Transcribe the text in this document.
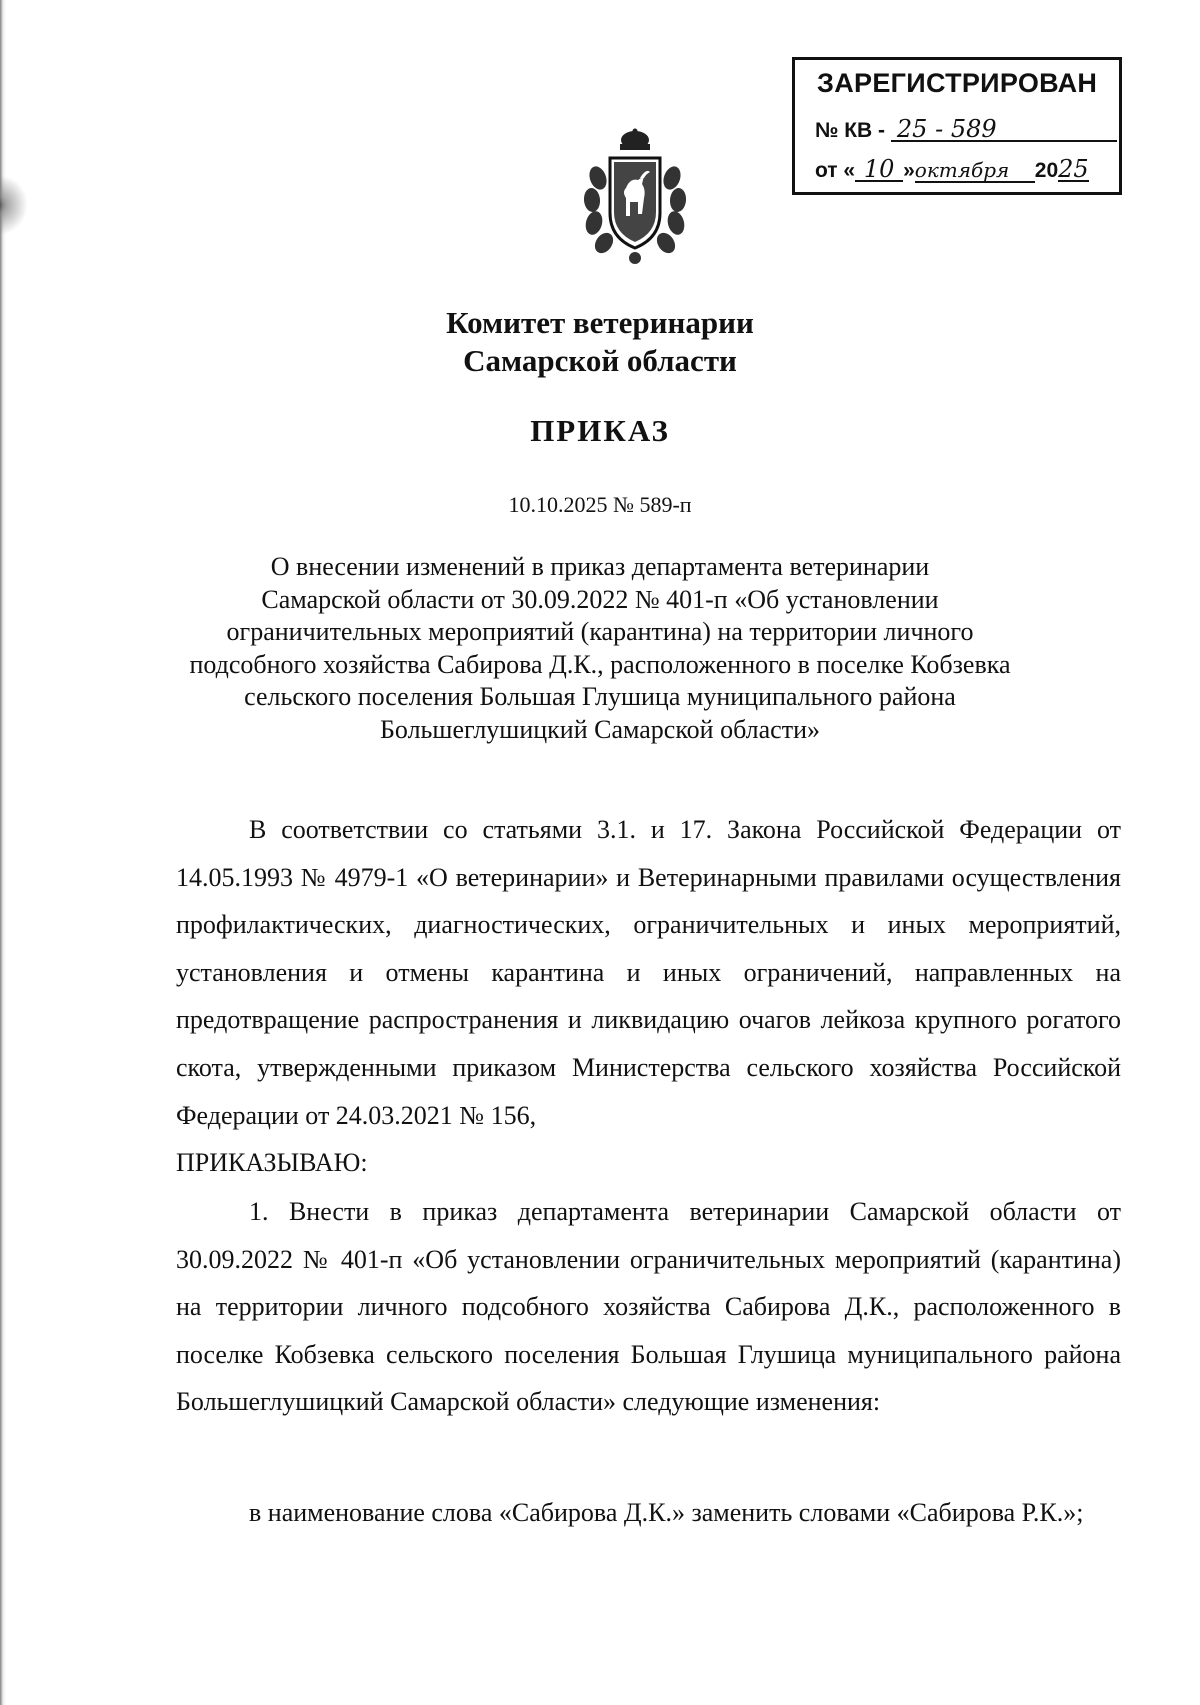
ЗАРЕГИСТРИРОВАН
№ КВ - 25 - 589
от « 10 »октября 2025
Комитет ветеринарии
Самарской области
ПРИКАЗ
10.10.2025 № 589-п
О внесении изменений в приказ департамента ветеринарии
Самарской области от 30.09.2022 № 401-п «Об установлении
ограничительных мероприятий (карантина) на территории личного
подсобного хозяйства Сабирова Д.К., расположенного в поселке Кобзевка
сельского поселения Большая Глушица муниципального района
Большеглушицкий Самарской области»

В соответствии со статьями 3.1. и 17. Закона Российской Федерации от 14.05.1993 № 4979-1 «О ветеринарии» и Ветеринарными правилами осуществления профилактических, диагностических, ограничительных и иных мероприятий, установления и отмены карантина и иных ограничений, направленных на предотвращение распространения и ликвидацию очагов лейкоза крупного рогатого скота, утвержденными приказом Министерства сельского хозяйства Российской Федерации от 24.03.2021 № 156,

ПРИКАЗЫВАЮ:

1. Внести в приказ департамента ветеринарии Самарской области от 30.09.2022 № 401-п «Об установлении ограничительных мероприятий (карантина) на территории личного подсобного хозяйства Сабирова Д.К., расположенного в поселке Кобзевка сельского поселения Большая Глушица муниципального района Большеглушицкий Самарской области» следующие изменения:

в наименование слова «Сабирова Д.К.» заменить словами «Сабирова Р.К.»;
